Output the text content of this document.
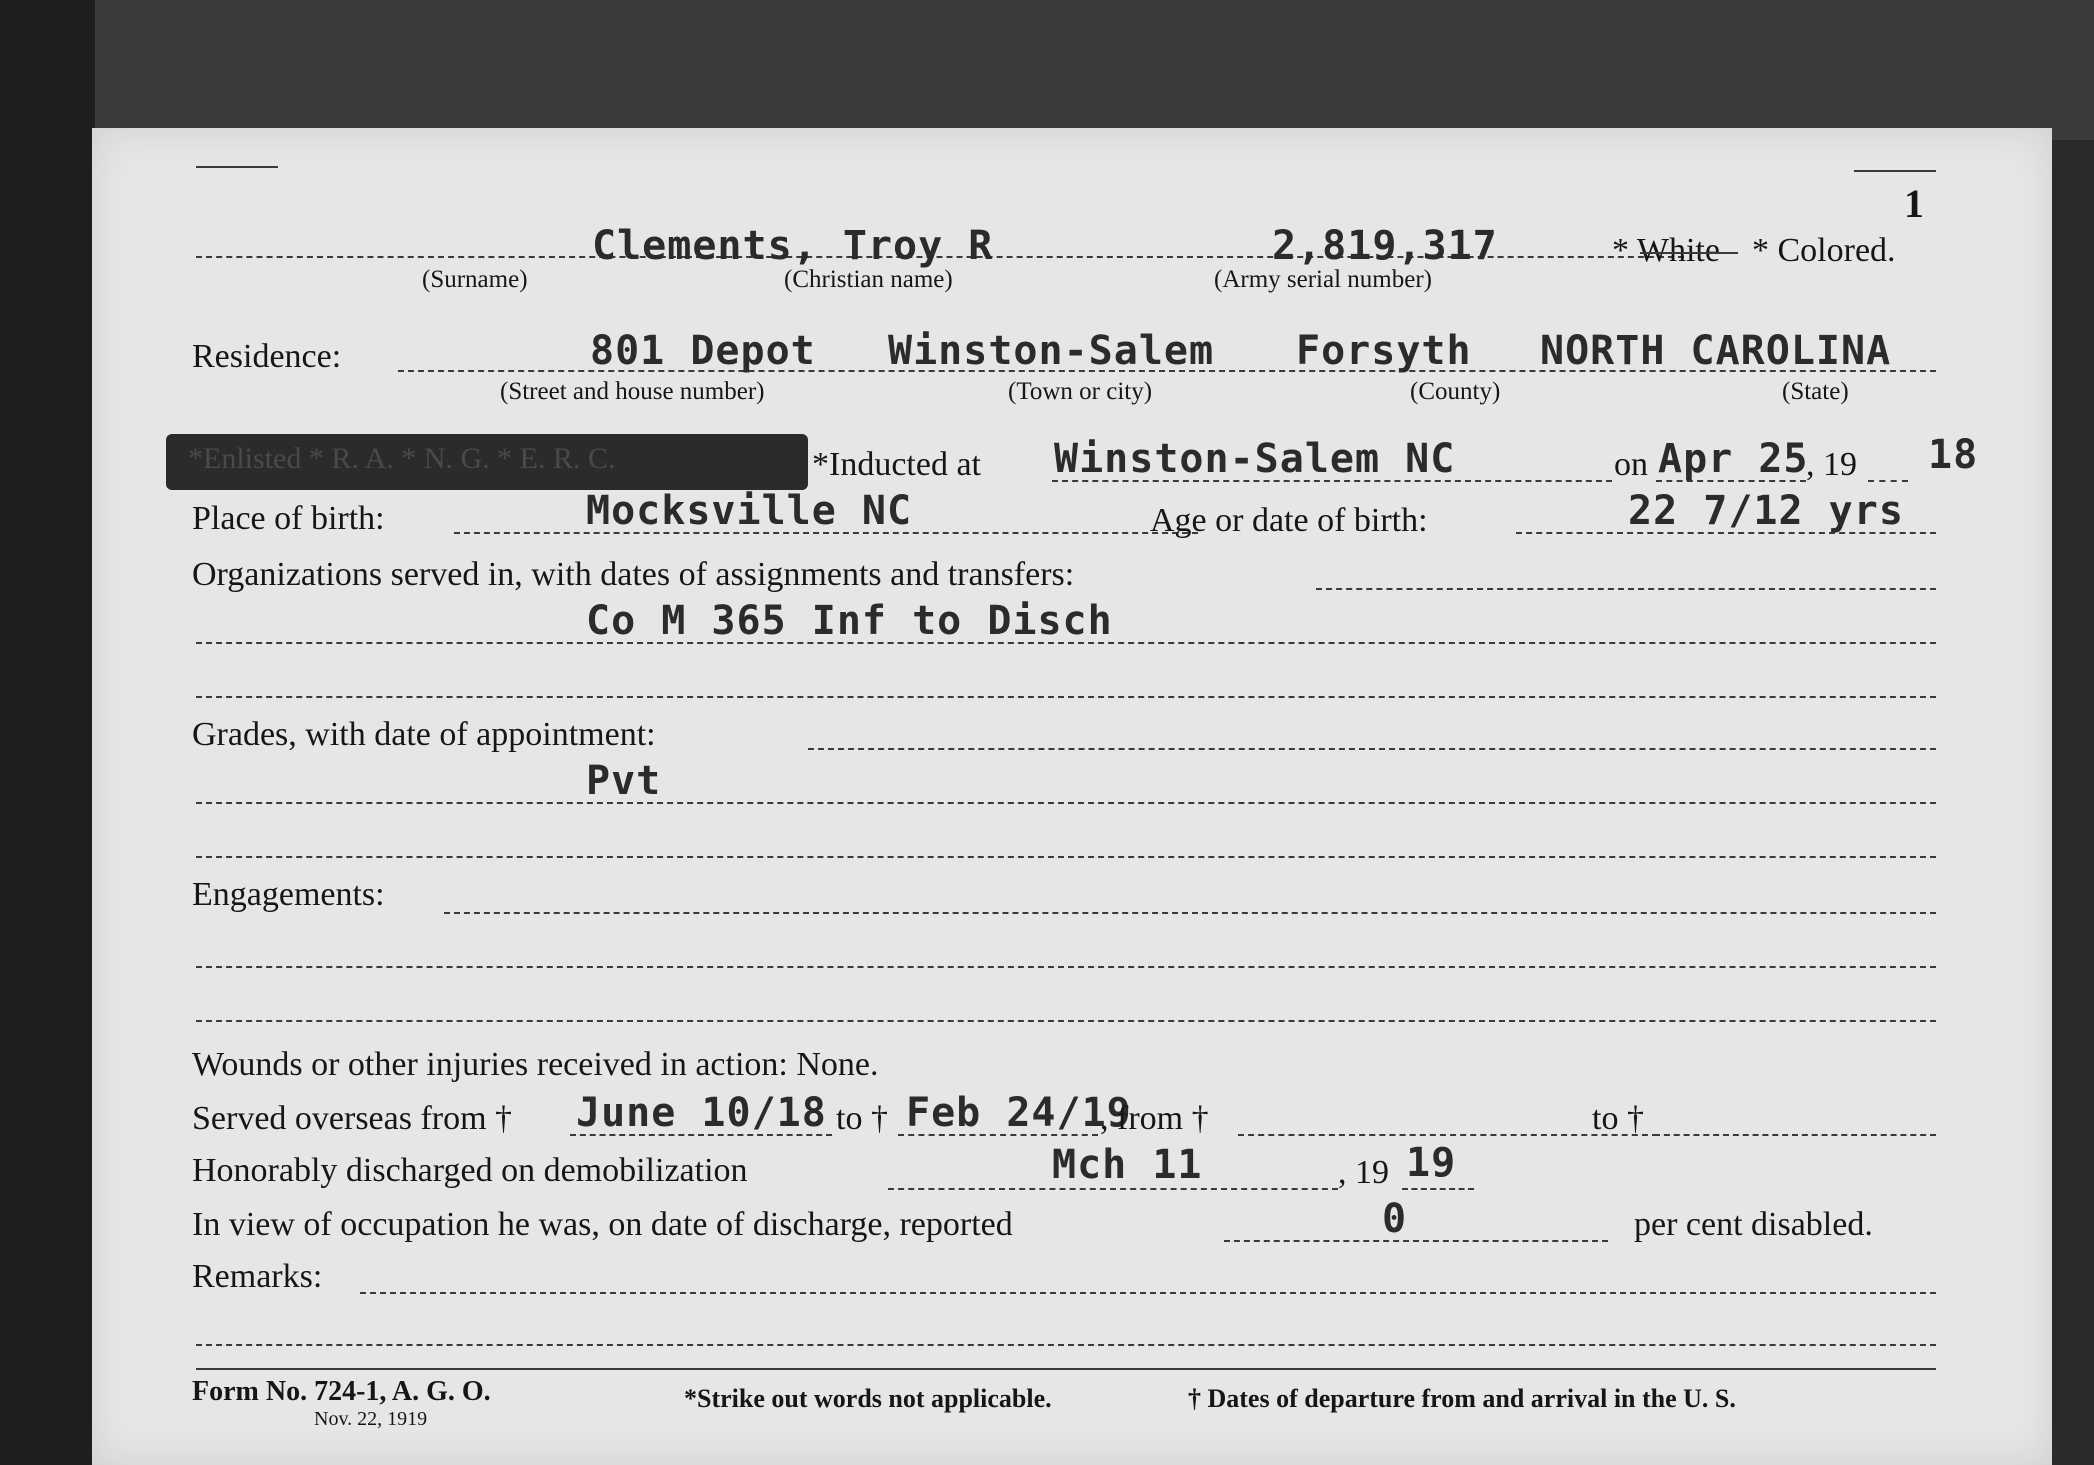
1
Clements, Troy R	2,819,317	* White * Colored.
(Surname)	(Christian name)	(Army serial number)
Residence:	801 Depot Winston-Salem Forsyth NORTH CAROLINA
(Street and house number)	(Town or city)	(County)	(State)
*Enlisted * R. A. * N. G. * E. R. C.	*Inducted at Winston-Salem NC	on Apr 25
, 19 18
Place of birth:	Mocksville NC	Age or date of birth:	22 7/12 yrs
Organizations served in, with dates of assignments and transfers:
Co M 365 Inf to Disch
Grades, with date of appointment:
Pvt
Engagements:
Wounds or other injuries received in action: None.
Served overseas from † June 10/18 to † Feb 24/19
, from †	to †
Honorably discharged on demobilization	Mch 11	, 19 19
In view of occupation he was, on date of discharge, reported	0	per cent disabled.
Remarks:
Form No. 724-1, A. G. O.
Nov. 22, 1919
*Strike out words not applicable.	† Dates of departure from and arrival in the U. S.
